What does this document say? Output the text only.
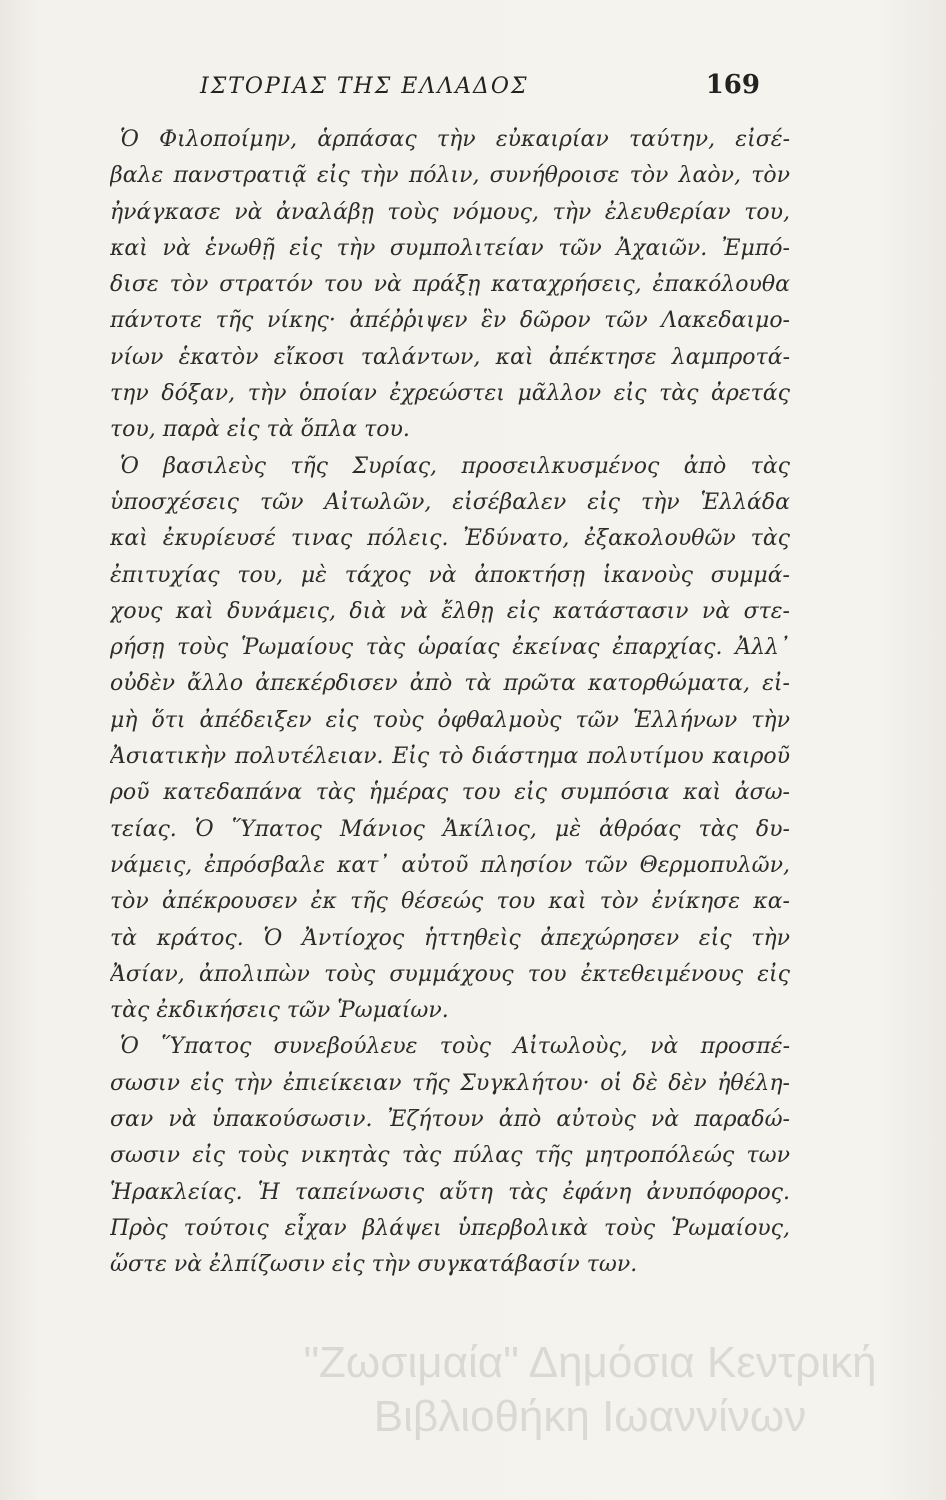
ΙΣΤΟΡΙΑΣ ΤΗΣ ΕΛΛΑΔΟΣ	169
Ὁ Φιλοποίμην, ἁρπάσας τὴν εὐκαιρίαν ταύτην, εἰσέ-
βαλε πανστρατιᾷ εἰς τὴν πόλιν, συνήθροισε τὸν λαὸν, τὸν
ἠνάγκασε νὰ ἀναλάβῃ τοὺς νόμους, τὴν ἐλευθερίαν του,
καὶ νὰ ἑνωθῇ εἰς τὴν συμπολιτείαν τῶν Ἀχαιῶν. Ἐμπό-
δισε τὸν στρατόν του νὰ πράξῃ καταχρήσεις, ἐπακόλουθα
πάντοτε τῆς νίκης· ἀπέῤῥιψεν ἓν δῶρον τῶν Λακεδαιμο-
νίων ἑκατὸν εἴκοσι ταλάντων, καὶ ἀπέκτησε λαμπροτά-
την δόξαν, τὴν ὁποίαν ἐχρεώστει μᾶλλον εἰς τὰς ἀρετάς
του, παρὰ εἰς τὰ ὅπλα του.
Ὁ βασιλεὺς τῆς Συρίας, προσειλκυσμένος ἀπὸ τὰς
ὑποσχέσεις τῶν Αἰτωλῶν, εἰσέβαλεν εἰς τὴν Ἑλλάδα
καὶ ἐκυρίευσέ τινας πόλεις. Ἐδύνατο, ἐξακολουθῶν τὰς
ἐπιτυχίας του, μὲ τάχος νὰ ἀποκτήσῃ ἱκανοὺς συμμά-
χους καὶ δυνάμεις, διὰ νὰ ἔλθῃ εἰς κατάστασιν νὰ στε-
ρήσῃ τοὺς Ῥωμαίους τὰς ὡραίας ἐκείνας ἐπαρχίας. Ἀλλ᾽
οὐδὲν ἄλλο ἀπεκέρδισεν ἀπὸ τὰ πρῶτα κατορθώματα, εἰ-
μὴ ὅτι ἀπέδειξεν εἰς τοὺς ὀφθαλμοὺς τῶν Ἑλλήνων τὴν
Ἀσιατικὴν πολυτέλειαν. Εἰς τὸ διάστημα πολυτίμου καιροῦ
ροῦ κατεδαπάνα τὰς ἡμέρας του εἰς συμπόσια καὶ ἀσω-
τείας. Ὁ Ὕπατος Μάνιος Ἀκίλιος, μὲ ἀθρόας τὰς δυ-
νάμεις, ἐπρόσβαλε κατ᾽ αὐτοῦ πλησίον τῶν Θερμοπυλῶν,
τὸν ἀπέκρουσεν ἐκ τῆς θέσεώς του καὶ τὸν ἐνίκησε κα-
τὰ κράτος. Ὁ Ἀντίοχος ἡττηθεὶς ἀπεχώρησεν εἰς τὴν
Ἀσίαν, ἀπολιπὼν τοὺς συμμάχους του ἐκτεθειμένους εἰς
τὰς ἐκδικήσεις τῶν Ῥωμαίων.
Ὁ Ὕπατος συνεβούλευε τοὺς Αἰτωλοὺς, νὰ προσπέ-
σωσιν εἰς τὴν ἐπιείκειαν τῆς Συγκλήτου· οἱ δὲ δὲν ἠθέλη-
σαν νὰ ὑπακούσωσιν. Ἐζήτουν ἀπὸ αὐτοὺς νὰ παραδώ-
σωσιν εἰς τοὺς νικητὰς τὰς πύλας τῆς μητροπόλεώς των
Ἡρακλείας. Ἡ ταπείνωσις αὕτη τὰς ἐφάνη ἀνυπόφορος.
Πρὸς τούτοις εἶχαν βλάψει ὑπερβολικὰ τοὺς Ῥωμαίους,
ὥστε νὰ ἐλπίζωσιν εἰς τὴν συγκατάβασίν των.
"Ζωσιμαία" Δημόσια Κεντρική
Βιβλιοθήκη Ιωαννίνων
